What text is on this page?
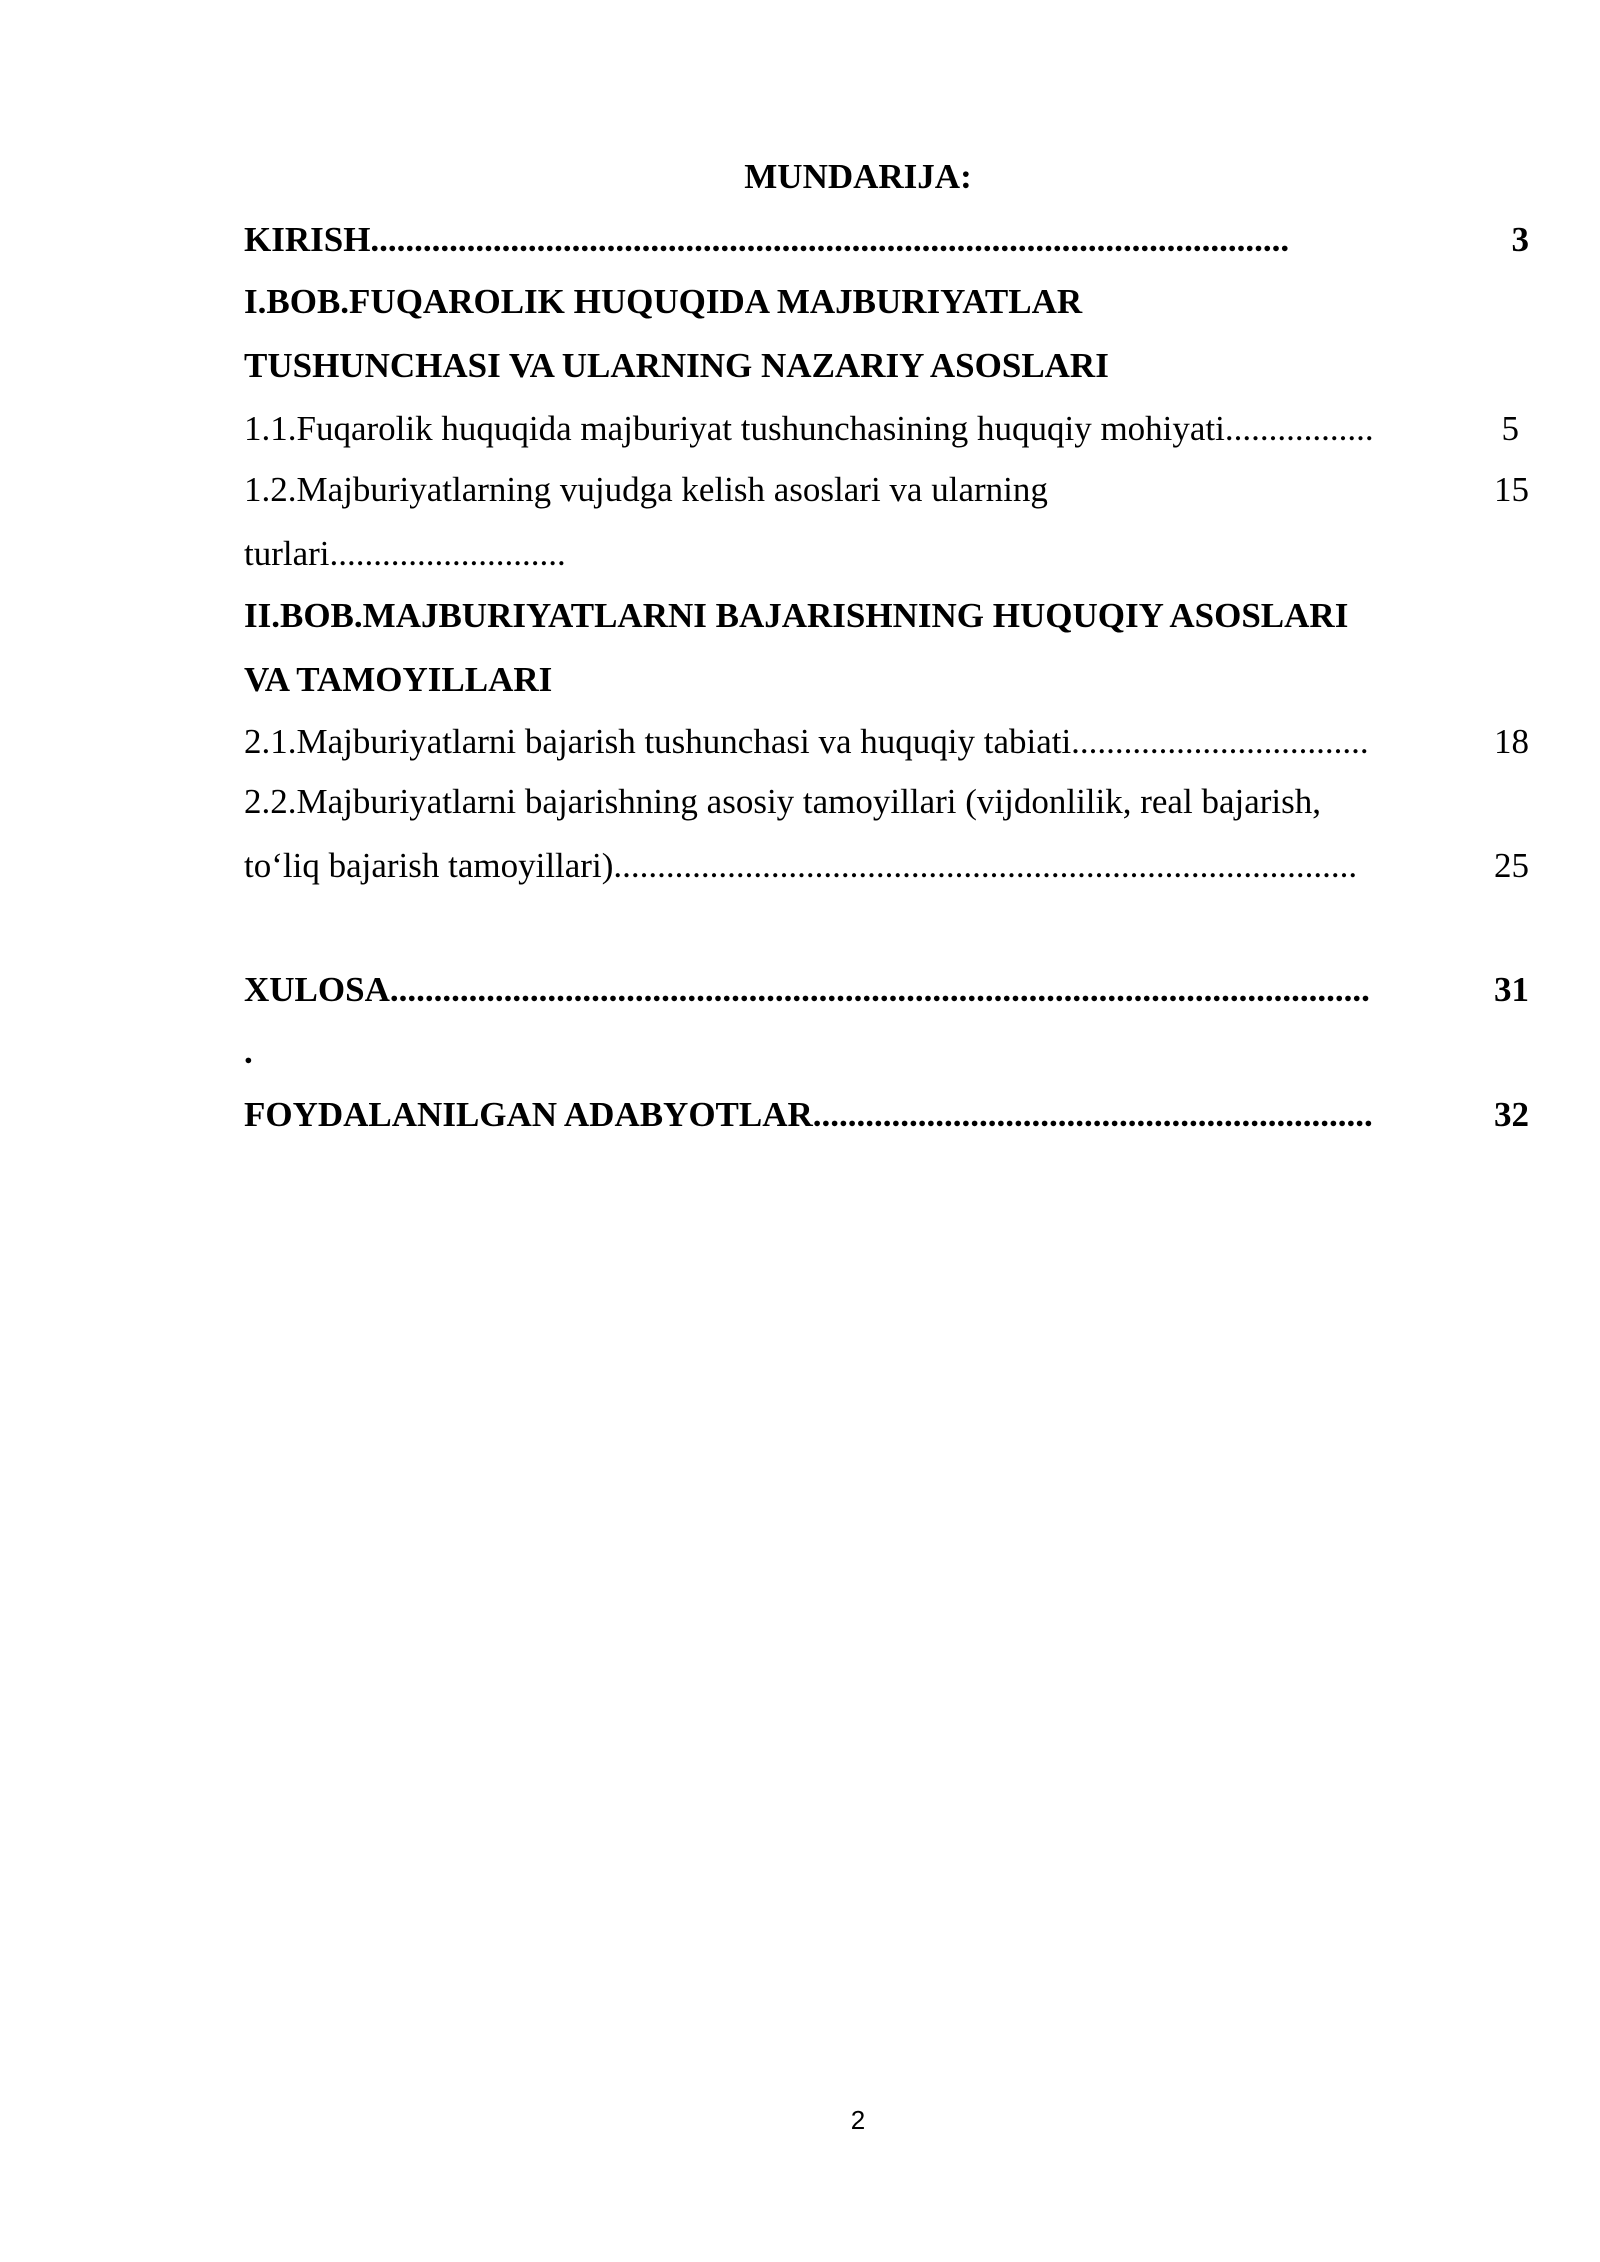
MUNDARIJA:
KIRISH.........................................................................................................	3
I.BOB.FUQAROLIK HUQUQIDA MAJBURIYATLAR
TUSHUNCHASI VA ULARNING NAZARIY ASOSLARI
1.1.Fuqarolik huquqida majburiyat tushunchasining huquqiy mohiyati.................	5
1.2.Majburiyatlarning vujudga kelish asoslari va ularning	15
turlari...........................
II.BOB.MAJBURIYATLARNI BAJARISHNING HUQUQIY ASOSLARI
VA TAMOYILLARI
2.1.Majburiyatlarni bajarish tushunchasi va huquqiy tabiati..................................	18
2.2.Majburiyatlarni bajarishning asosiy tamoyillari (vijdonlilik, real bajarish,
to‘liq bajarish tamoyillari).....................................................................................	25
XULOSA................................................................................................................	31
.
FOYDALANILGAN ADABYOTLAR................................................................	32
2
